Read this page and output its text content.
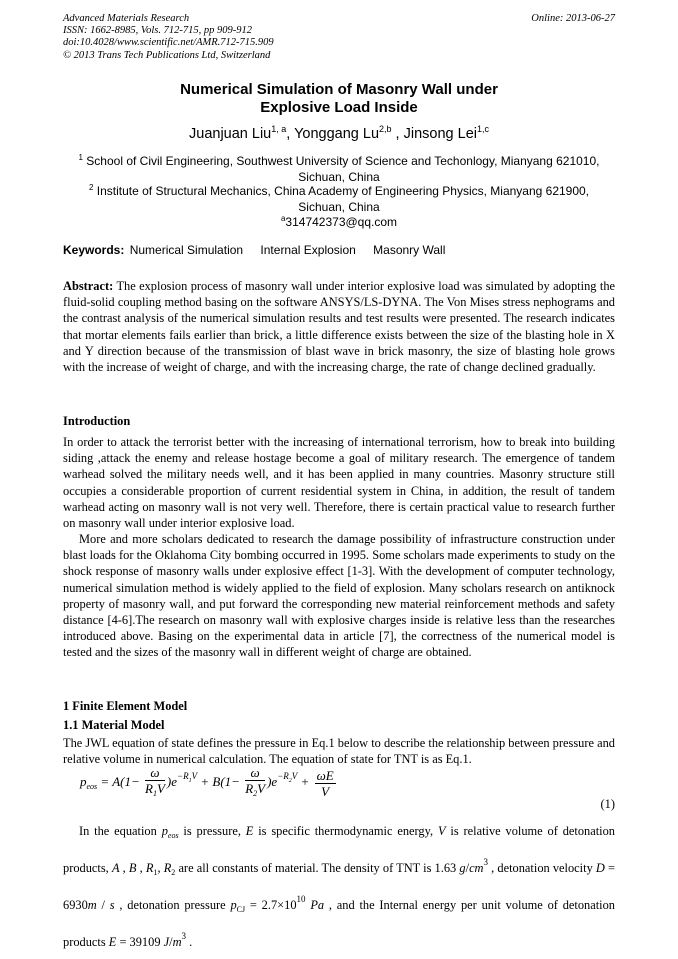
Advanced Materials Research
ISSN: 1662-8985, Vols. 712-715, pp 909-912
doi:10.4028/www.scientific.net/AMR.712-715.909
© 2013 Trans Tech Publications Ltd, Switzerland
Online: 2013-06-27
Numerical Simulation of Masonry Wall under
Explosive Load Inside
Juanjuan Liu$^{1, a}$, Yonggang Lu$^{2,b}$ , Jinsong Lei$^{1,c}$
$^1$ School of Civil Engineering, Southwest University of Science and Techonlogy, Mianyang 621010,
Sichuan, China
$^2$ Institute of Structural Mechanics, China Academy of Engineering Physics, Mianyang 621900,
Sichuan, China
$^a$314742373@qq.com
Keywords: Numerical Simulation Internal Explosion Masonry Wall
Abstract: The explosion process of masonry wall under interior explosive load was simulated by adopting the fluid-solid coupling method basing on the software ANSYS/LS-DYNA. The Von Mises stress nephograms and the contrast analysis of the numerical simulation results and test results were presented. The research indicates that mortar elements fails earlier than brick, a little difference exists between the size of the blasting hole in X and Y direction because of the transmission of blast wave in brick masonry, the size of blasting hole grows with the increase of weight of charge, and with the increasing charge, the rate of change declined gradually.
Introduction
In order to attack the terrorist better with the increasing of international terrorism, how to break into building siding ,attack the enemy and release hostage become a goal of military research. The emergence of tandem warhead solved the military needs well, and it has been applied in many countries. Masonry structure still occupies a considerable proportion of current residential system in China, in addition, the result of tandem warhead acting on masonry wall is not very well. Therefore, there is certain practical value to research further on masonry wall under interior explosive load.
More and more scholars dedicated to research the damage possibility of infrastructure construction under blast loads for the Oklahoma City bombing occurred in 1995. Some scholars made experiments to study on the shock response of masonry walls under explosive effect [1-3]. With the development of computer technology, numerical simulation method is widely applied to the field of explosion. Many scholars research on antiknock property of masonry wall, and put forward the corresponding new material reinforcement methods and safety distance [4-6].The research on masonry wall with explosive charges inside is relative less than the researches introduced above. Basing on the experimental data in article [7], the correctness of the numerical model is tested and the sizes of the masonry wall in different weight of charge are obtained.
1 Finite Element Model
1.1 Material Model
The JWL equation of state defines the pressure in Eq.1 below to describe the relationship between pressure and relative volume in numerical calculation. The equation of state for TNT is as Eq.1.
$p_{eos} = A(1- \frac{\omega}{R_1V} )e^{-R_1V} + B(1- \frac{\omega}{R_2V} )e^{-R_2V} + \frac{\omega E}{V}$
(1)
In the equation $p_{eos}$ is pressure, E is specific thermodynamic energy, V is relative volume of detonation products, A , B , $R_1$, $R_2$ are all constants of material. The density of TNT is 1.63 $g/cm^3$ , detonation velocity D = 6930m / s , detonation pressure $p_{CJ} = 2.7\times 10^{10}$ Pa , and the Internal energy per unit volume of detonation products E = 39109 $J/m^3$ .
